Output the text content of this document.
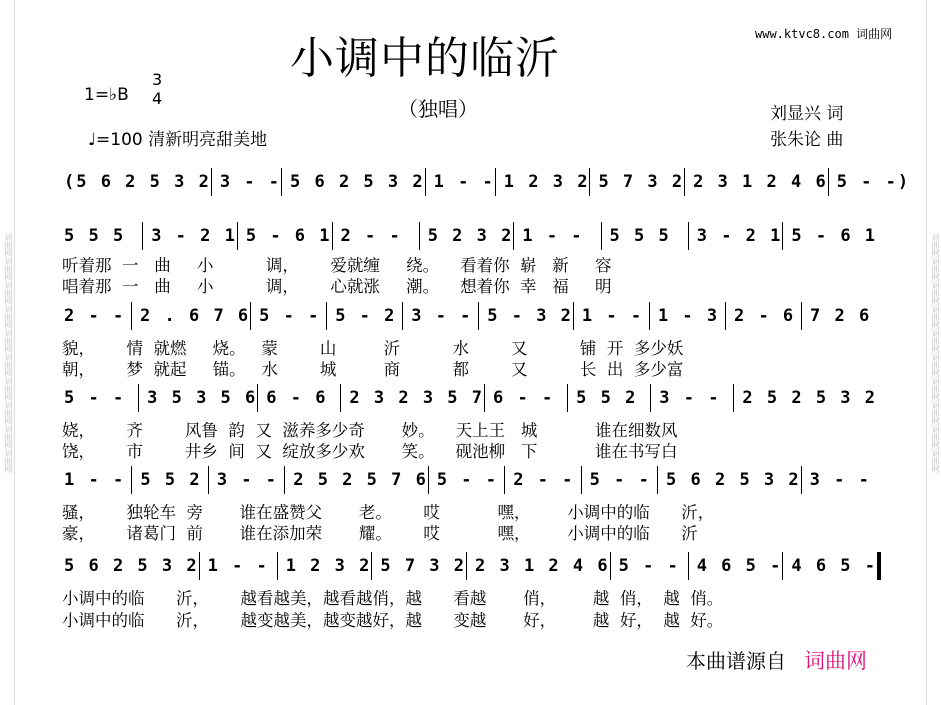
词曲网词曲网词曲网词曲网词曲网词曲网词曲网词曲网词曲网词曲网	词曲网词曲网词曲网词曲网词曲网词曲网词曲网词曲网词曲网词曲网
www.ktvc8.com 词曲网
小调中的临沂
（独唱）
1=♭B
3
4
♩=100 清新明亮甜美地
刘显兴 词
张朱论 曲
(5 6 2 5 3 2 3 - - 5 6 2 5 3 2 1 - - 1 2 3 2 5 7 3 2 2 3 1 2 4 6 5 - -)
5 5 5	3 - 2 1 5 - 6 1 2 - -	5 2 3 2 1 - -	5 5 5	3 - 2 1 5 - 6 1
2 - - 2 . 6 7 6 5 - - 5 - 2 3 - - 5 - 3 2 1 - - 1 - 3 2 - 6 7 2 6
5 - -	3 5 3 5 6 6 - 6	2 3 2 3 5 7 6 - -	5 5 2	3 - -	2 5 2 5 3 2
1 - - 5 5 2 3 - - 2 5 2 5 7 6 5 - - 2 - - 5 - - 5 6 2 5 3 2 3 - -
5 6 2 5 3 2 1 - - 1 2 3 2 5 7 3 2 2 3 1 2 4 6 5 - - 4 6 5 - 4 6 5 -
听着那  一   曲     小          调，      爱就缠     绕。    看着你  崭   新     容
唱着那  一   曲     小          调，      心就涨     潮。    想着你  幸   福     明
貌，      情  就燃     烧。   蒙        山         沂          水        又          铺  开  多少妖
朝，      梦  就起     锚。   水        城         商          都        又          长  出  多少富
娆，      齐        风鲁  韵  又  滋养多少奇       妙。    天上王   城           谁在细数风
饶，      市        井乡  间  又  绽放多少欢       笑。    砚池柳   下           谁在书写白
骚，      独轮车  旁       谁在盛赞父       老。      哎           嘿，       小调中的临      沂，
豪，      诸葛门  前       谁在添加荣       耀。      哎           嘿，       小调中的临      沂
小调中的临      沂，      越看越美，越看越俏，越      看越       俏，       越  俏，  越  俏。
小调中的临      沂，      越变越美，越变越好，越      变越       好，       越  好，  越  好。
本曲谱源自 词曲网
